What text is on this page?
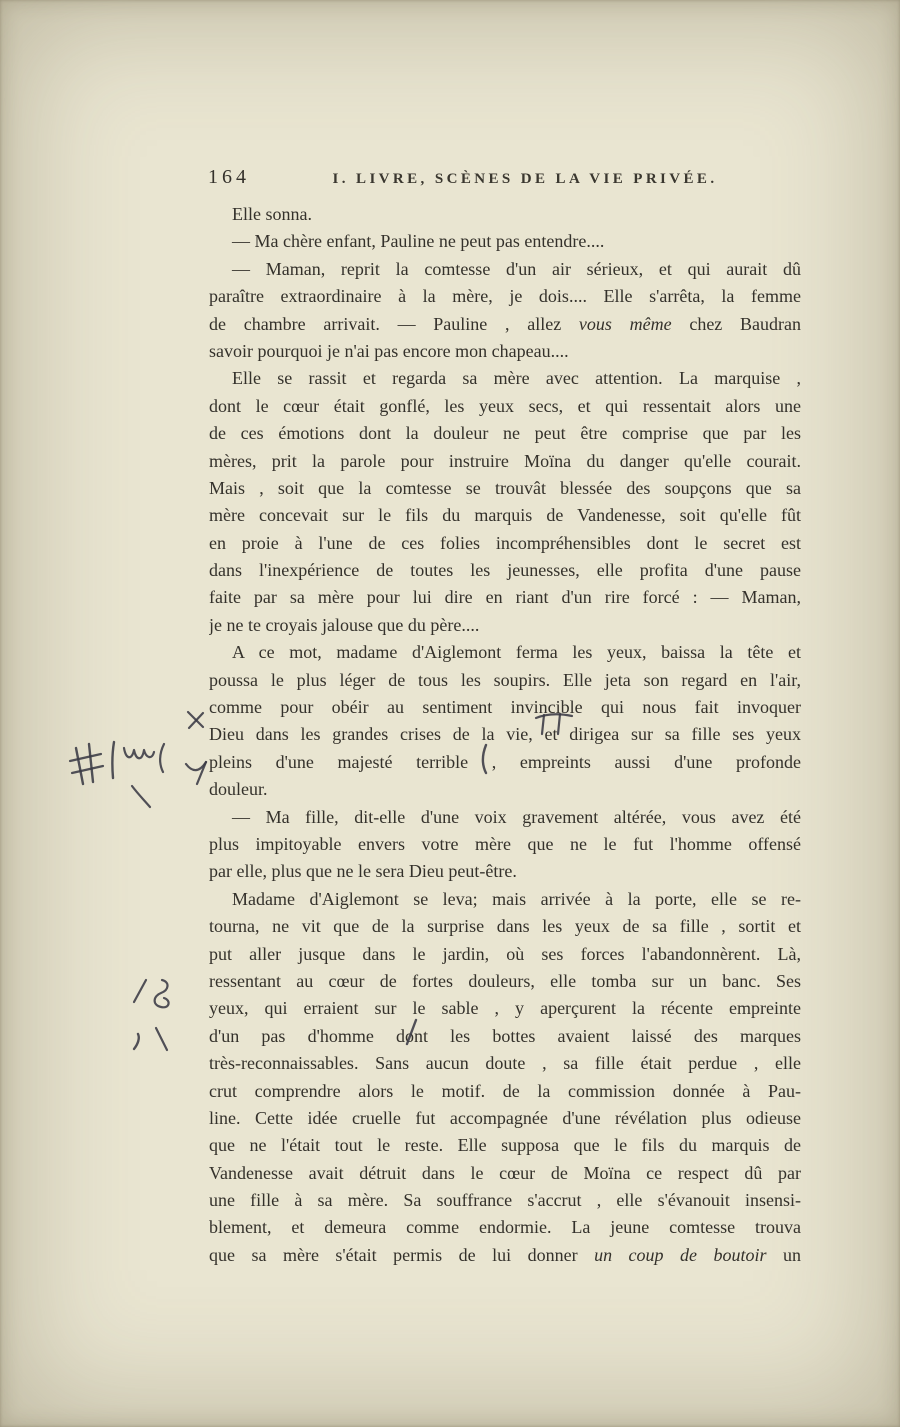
164	I. LIVRE, SCÈNES DE LA VIE PRIVÉE.
Elle sonna.
— Ma chère enfant, Pauline ne peut pas entendre....
— Maman, reprit la comtesse d'un air sérieux, et qui aurait dû
paraître extraordinaire à la mère, je dois.... Elle s'arrêta, la femme
de chambre arrivait. — Pauline , allez vous même chez Baudran
savoir pourquoi je n'ai pas encore mon chapeau....
Elle se rassit et regarda sa mère avec attention. La marquise ,
dont le cœur était gonflé, les yeux secs, et qui ressentait alors une
de ces émotions dont la douleur ne peut être comprise que par les
mères, prit la parole pour instruire Moïna du danger qu'elle courait.
Mais , soit que la comtesse se trouvât blessée des soupçons que sa
mère concevait sur le fils du marquis de Vandenesse, soit qu'elle fût
en proie à l'une de ces folies incompréhensibles dont le secret est
dans l'inexpérience de toutes les jeunesses, elle profita d'une pause
faite par sa mère pour lui dire en riant d'un rire forcé : — Maman,
je ne te croyais jalouse que du père....
A ce mot, madame d'Aiglemont ferma les yeux, baissa la tête et
poussa le plus léger de tous les soupirs. Elle jeta son regard en l'air,
comme pour obéir au sentiment invincible qui nous fait invoquer
Dieu dans les grandes crises de la vie, et dirigea sur sa fille ses yeux
pleins d'une majesté terrible , empreints aussi d'une profonde
douleur.
— Ma fille, dit-elle d'une voix gravement altérée, vous avez été
plus impitoyable envers votre mère que ne le fut l'homme offensé
par elle, plus que ne le sera Dieu peut-être.
Madame d'Aiglemont se leva; mais arrivée à la porte, elle se re-
tourna, ne vit que de la surprise dans les yeux de sa fille , sortit et
put aller jusque dans le jardin, où ses forces l'abandonnèrent. Là,
ressentant au cœur de fortes douleurs, elle tomba sur un banc. Ses
yeux, qui erraient sur le sable , y aperçurent la récente empreinte
d'un pas d'homme dont les bottes avaient laissé des marques
très-reconnaissables. Sans aucun doute , sa fille était perdue , elle
crut comprendre alors le motif. de la commission donnée à Pau-
line. Cette idée cruelle fut accompagnée d'une révélation plus odieuse
que ne l'était tout le reste. Elle supposa que le fils du marquis de
Vandenesse avait détruit dans le cœur de Moïna ce respect dû par
une fille à sa mère. Sa souffrance s'accrut , elle s'évanouit insensi-
blement, et demeura comme endormie. La jeune comtesse trouva
que sa mère s'était permis de lui donner un coup de boutoir un
